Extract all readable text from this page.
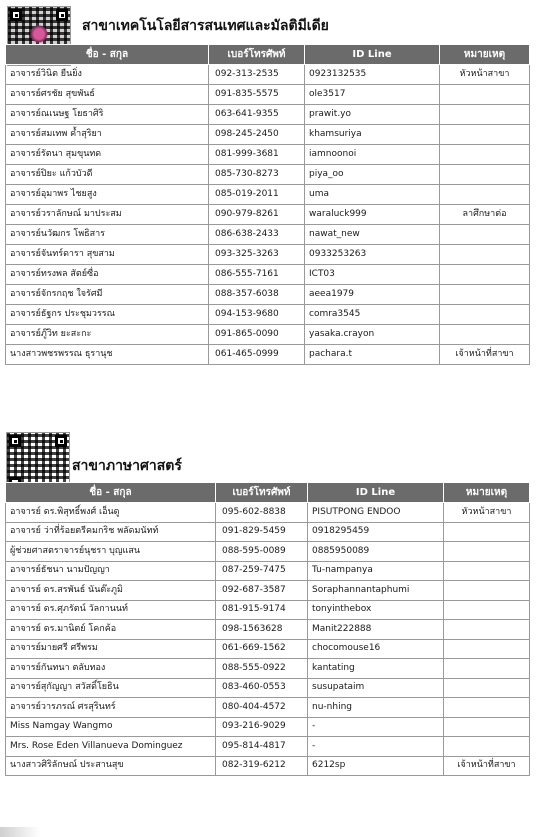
สาขาเทคโนโลยีสารสนเทศและมัลติมีเดีย
ชื่อ - สกุล	เบอร์โทรศัพท์	ID Line	หมายเหตุ
อาจารย์วินิต ยืนยิ่ง	092-313-2535	0923132535	หัวหน้าสาขา
อาจารย์ศรชัย สุขพันธ์	091-835-5575	ole3517	
อาจารย์ณเนษฐ โยธาศิริ	063-641-9355	prawit.yo	
อาจารย์สมเทพ ค้ำสุริยา	098-245-2450	khamsuriya	
อาจารย์รัตนา สุมขุนทด	081-999-3681	iamnoonoi	
อาจารย์ปิยะ แก้วบัวดี	085-730-8273	piya_oo	
อาจารย์อุมาพร ไชยสูง	085-019-2011	uma	
อาจารย์วราลักษณ์ มาประสม	090-979-8261	waraluck999	ลาศึกษาต่อ
อาจารย์นวัฒกร โพธิสาร	086-638-2433	nawat_new	
อาจารย์จันทร์ดารา สุขสาม	093-325-3263	0933253263	
อาจารย์ทรงพล สัตย์ซื่อ	086-555-7161	ICT03	
อาจารย์จักรกฤช ใจรัศมี	088-357-6038	aeea1979	
อาจารย์ธัฐกร ประชุมวรรณ	094-153-9680	comra3545	
อาจารย์ภู๊วิท ยะสะกะ	091-865-0090	yasaka.crayon	
นางสาวพชรพรรณ ธุรานุช	061-465-0999	pachara.t	เจ้าหน้าที่สาขา
สาขาภาษาศาสตร์
ชื่อ - สกุล	เบอร์โทรศัพท์	ID Line	หมายเหตุ
อาจารย์ ดร.พิสุทธิ์พงศ์ เอ็นดู	095-602-8838	PISUTPONG ENDOO	หัวหน้าสาขา
อาจารย์ ว่าที่ร้อยตรีคมกริช พลัดมนัทท์	091-829-5459	0918295459	
ผู้ช่วยศาสตราจารย์นุชรา บุญแสน	088-595-0089	0885950089	
อาจารย์ธัชนา นามปัญญา	087-259-7475	Tu-nampanya	
อาจารย์ ดร.สรพันธ์ นันต๊ะภูมิ	092-687-3587	Soraphannantaphumi	
อาจารย์ ดร.ศุภรัตน์ วัลกานนท์	081-915-9174	tonyinthebox	
อาจารย์ ดร.มานิตย์ โคกค้อ	098-1563628	Manit222888	
อาจารย์มายศรี ศรีพรม	061-669-1562	chocomouse16	
อาจารย์กันทนา ตลับทอง	088-555-0922	kantating	
อาจารย์สุกัญญา สวัสดิ์โยธิน	083-460-0553	susupataim	
อาจารย์วารภรณ์ ศรสุรินทร์	080-404-4572	nu-nhing	
Miss Namgay Wangmo	093-216-9029	-	
Mrs. Rose Eden Villanueva Dominguez	095-814-4817	-	
นางสาวศิริลักษณ์ ประสานสุข	082-319-6212	6212sp	เจ้าหน้าที่สาขา
